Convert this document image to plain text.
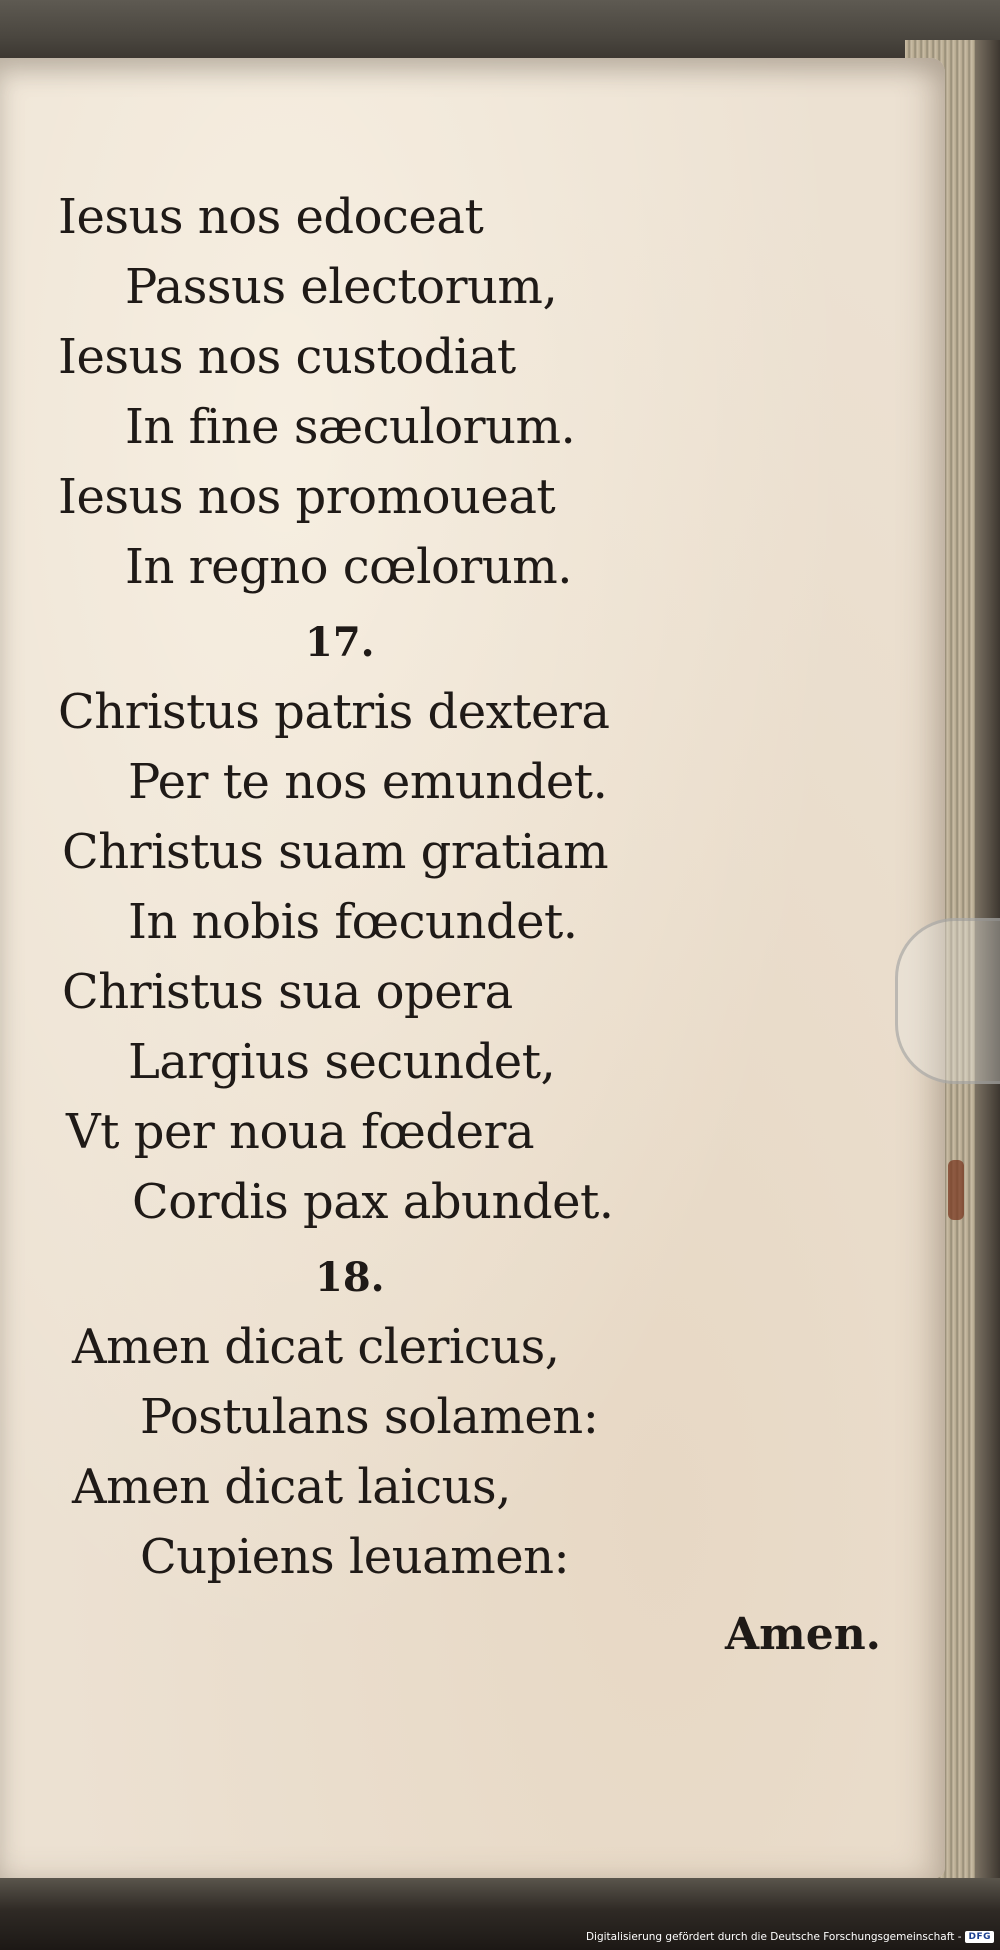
Iesus nos edoceat
Passus electorum,
Iesus nos custodiat
In fine sæculorum.
Iesus nos promoueat
In regno cœlorum.
17.
Christus patris dextera
Per te nos emundet.
Christus suam gratiam
In nobis fœcundet.
Christus sua opera
Largius secundet,
Vt per noua fœdera
Cordis pax abundet.
18.
Amen dicat clericus,
Postulans solamen:
Amen dicat laicus,
Cupiens leuamen:
Amen.
Digitalisierung gefördert durch die Deutsche Forschungsgemeinschaft - DFG
